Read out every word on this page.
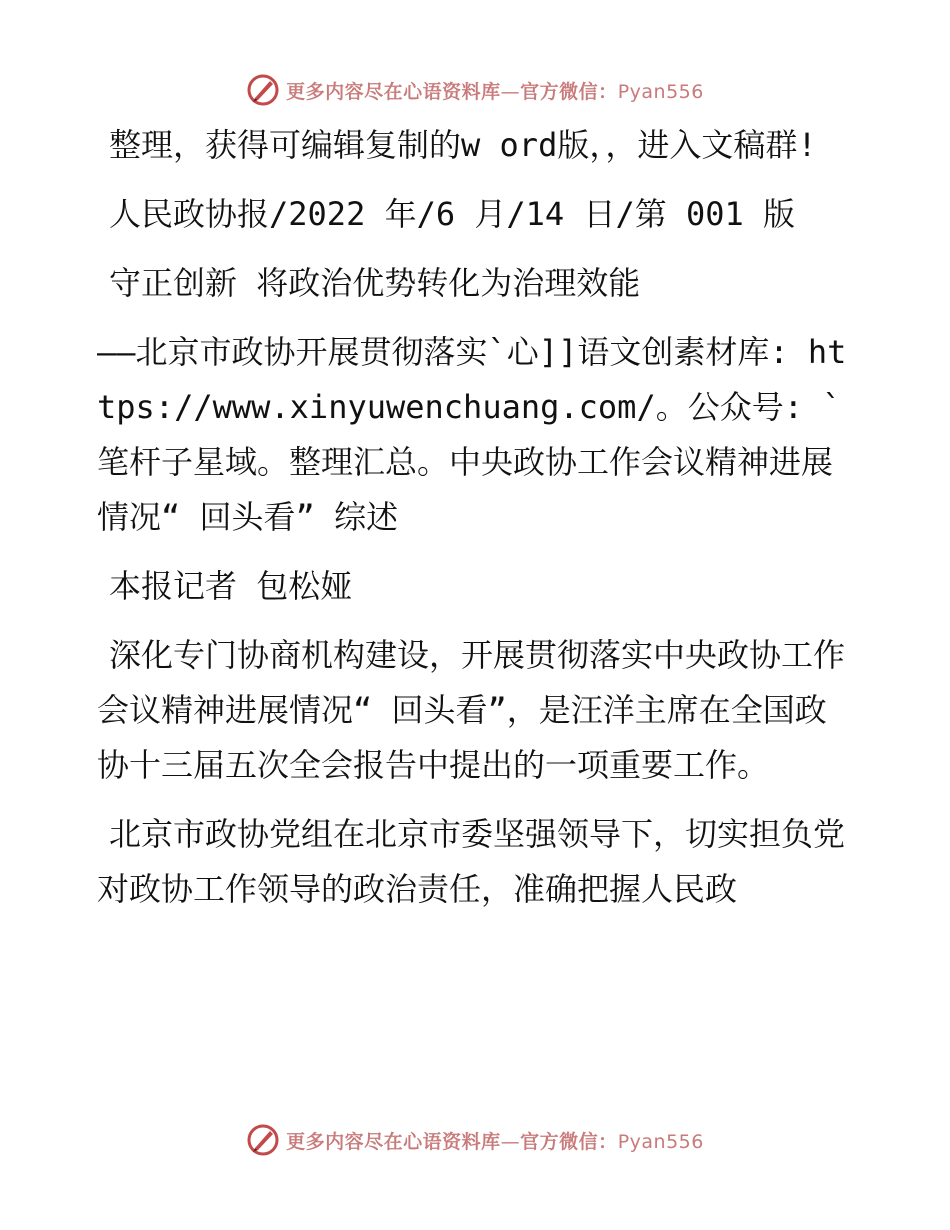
更多内容尽在心语资料库—官方微信：Pyan556

整理，获得可编辑复制的w ord版，，进入文稿群!

人民政协报/2022 年/6 月/14 日/第 001 版

守正创新 将政治优势转化为治理效能

——北京市政协开展贯彻落实`心]]语文创素材库: https://www.xinyuwenchuang.com/。公众号: `笔杆子星域。整理汇总。中央政协工作会议精神进展情况“ 回头看” 综述

本报记者 包松娅

深化专门协商机构建设，开展贯彻落实中央政协工作会议精神进展情况“ 回头看”，是汪洋主席在全国政协十三届五次全会报告中提出的一项重要工作。

北京市政协党组在北京市委坚强领导下，切实担负党对政协工作领导的政治责任，准确把握人民政

更多内容尽在心语资料库—官方微信：Pyan556
